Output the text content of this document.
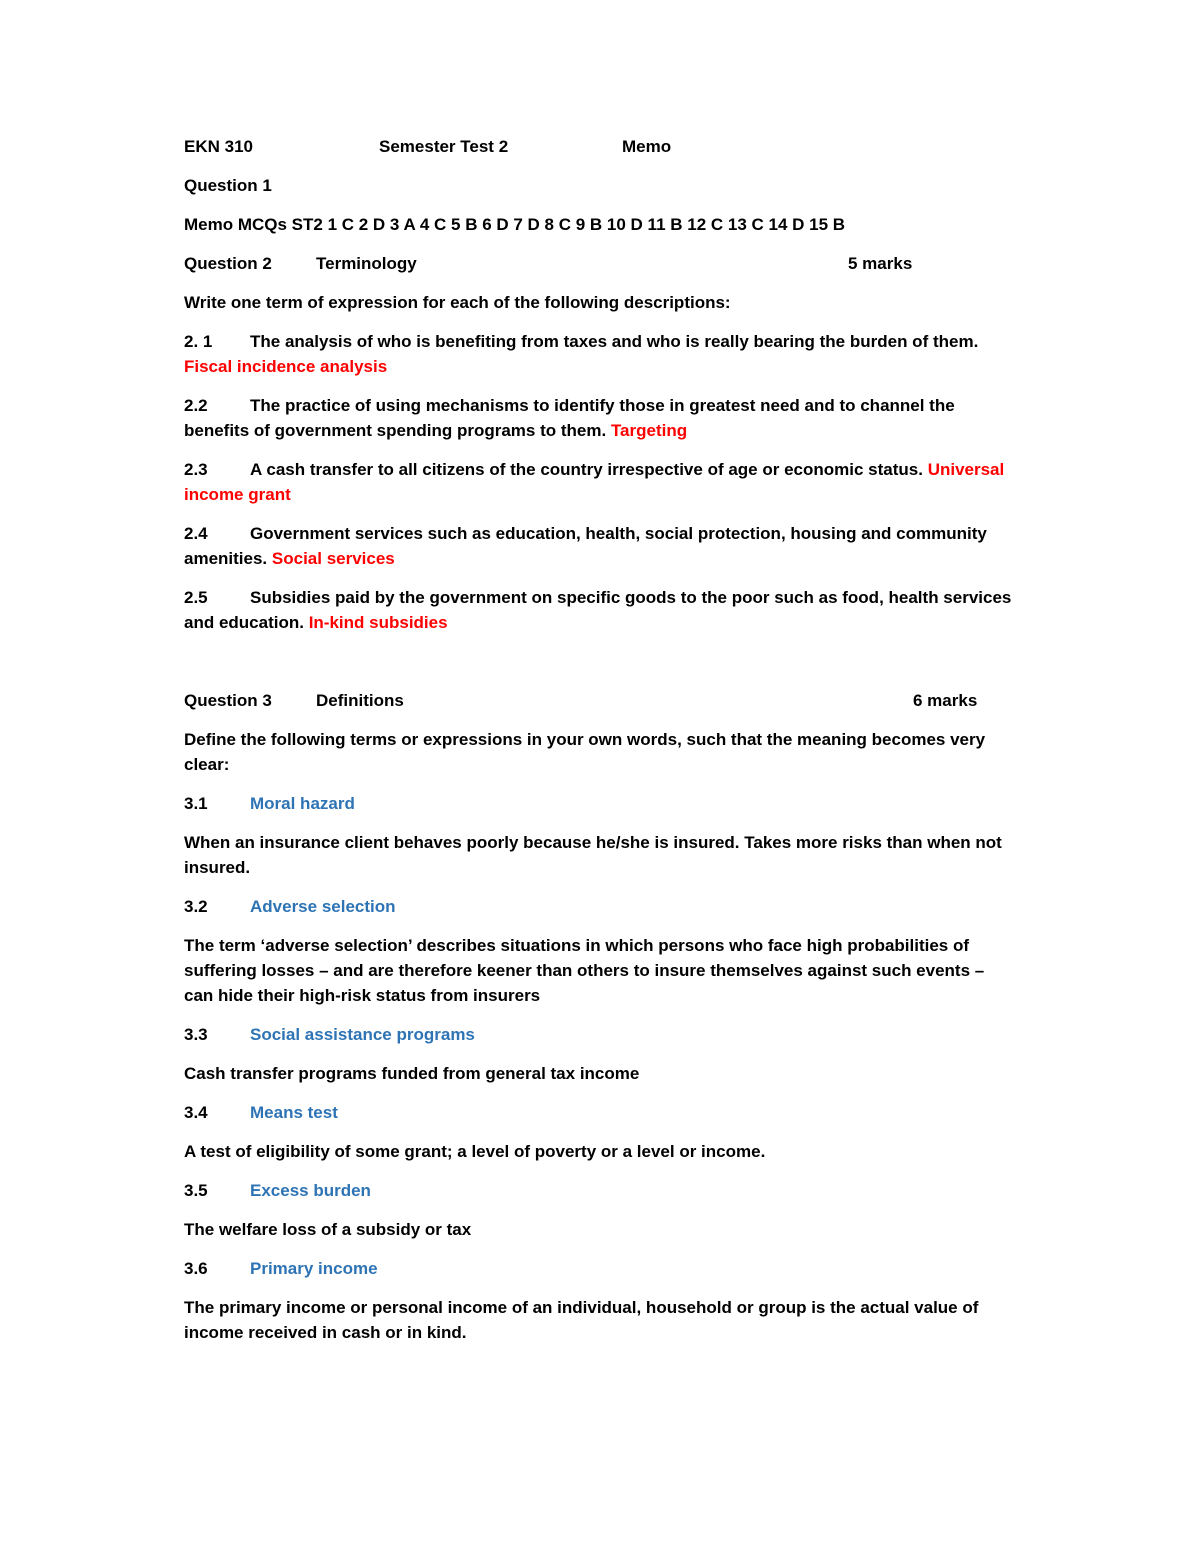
EKN 310	Semester Test 2	Memo

Question 1

Memo MCQs ST2 1 C 2 D 3 A 4 C 5 B 6 D 7 D 8 C 9 B 10 D 11 B 12 C 13 C 14 D 15 B

Question 2	Terminology	5 marks

Write one term of expression for each of the following descriptions:

2. 1 The analysis of who is benefiting from taxes and who is really bearing the burden of them.
Fiscal incidence analysis
2.2 The practice of using mechanisms to identify those in greatest need and to channel the
benefits of government spending programs to them. Targeting
2.3 A cash transfer to all citizens of the country irrespective of age or economic status. Universal
income grant
2.4 Government services such as education, health, social protection, housing and community
amenities. Social services
2.5 Subsidies paid by the government on specific goods to the poor such as food, health services
and education. In-kind subsidies
Question 3	Definitions	6 marks
Define the following terms or expressions in your own words, such that the meaning becomes very
clear:
3.1 Moral hazard
When an insurance client behaves poorly because he/she is insured. Takes more risks than when not
insured.
3.2 Adverse selection
The term ‘adverse selection’ describes situations in which persons who face high probabilities of
suffering losses – and are therefore keener than others to insure themselves against such events –
can hide their high-risk status from insurers
3.3 Social assistance programs
Cash transfer programs funded from general tax income
3.4 Means test
A test of eligibility of some grant; a level of poverty or a level or income.
3.5 Excess burden
The welfare loss of a subsidy or tax
3.6 Primary income
The primary income or personal income of an individual, household or group is the actual value of
income received in cash or in kind.
